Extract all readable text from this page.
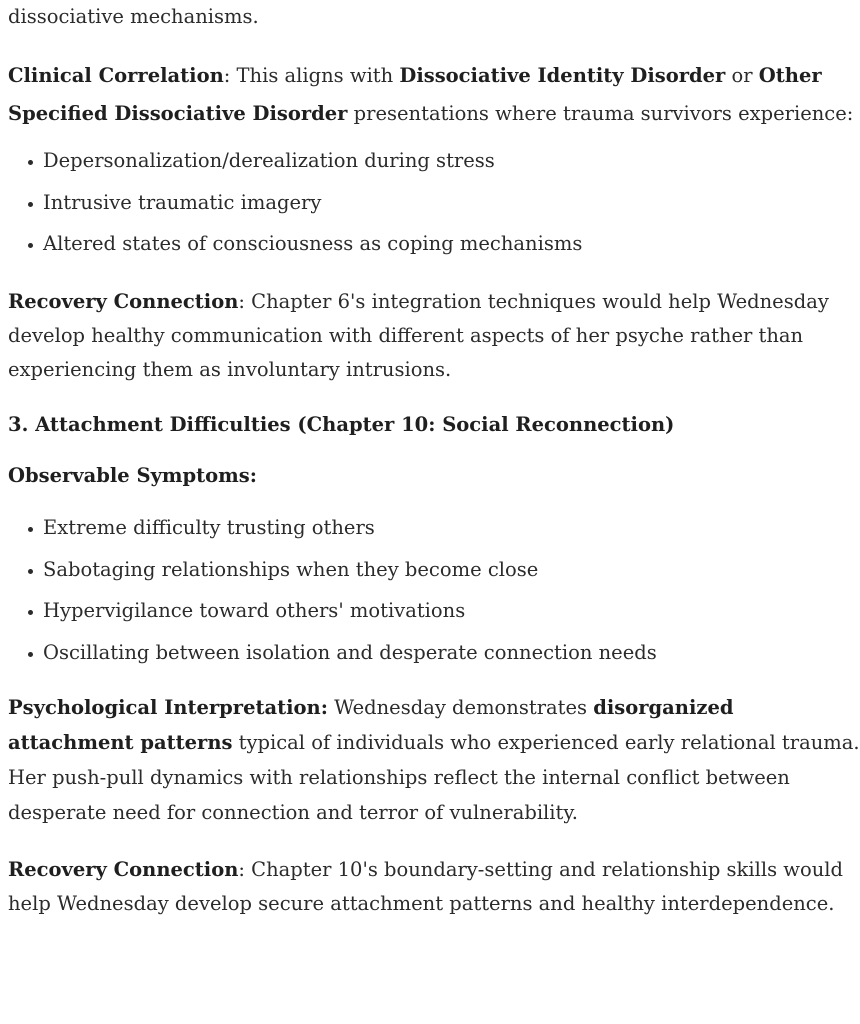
dissociative mechanisms.

Clinical Correlation: This aligns with Dissociative Identity Disorder or Other Specified Dissociative Disorder presentations where trauma survivors experience:

Depersonalization/derealization during stress
Intrusive traumatic imagery
Altered states of consciousness as coping mechanisms

Recovery Connection: Chapter 6's integration techniques would help Wednesday develop healthy communication with different aspects of her psyche rather than experiencing them as involuntary intrusions.

3. Attachment Difficulties (Chapter 10: Social Reconnection)

Observable Symptoms:

Extreme difficulty trusting others
Sabotaging relationships when they become close
Hypervigilance toward others' motivations
Oscillating between isolation and desperate connection needs

Psychological Interpretation: Wednesday demonstrates disorganized attachment patterns typical of individuals who experienced early relational trauma. Her push-pull dynamics with relationships reflect the internal conflict between desperate need for connection and terror of vulnerability.

Recovery Connection: Chapter 10's boundary-setting and relationship skills would help Wednesday develop secure attachment patterns and healthy interdependence.
